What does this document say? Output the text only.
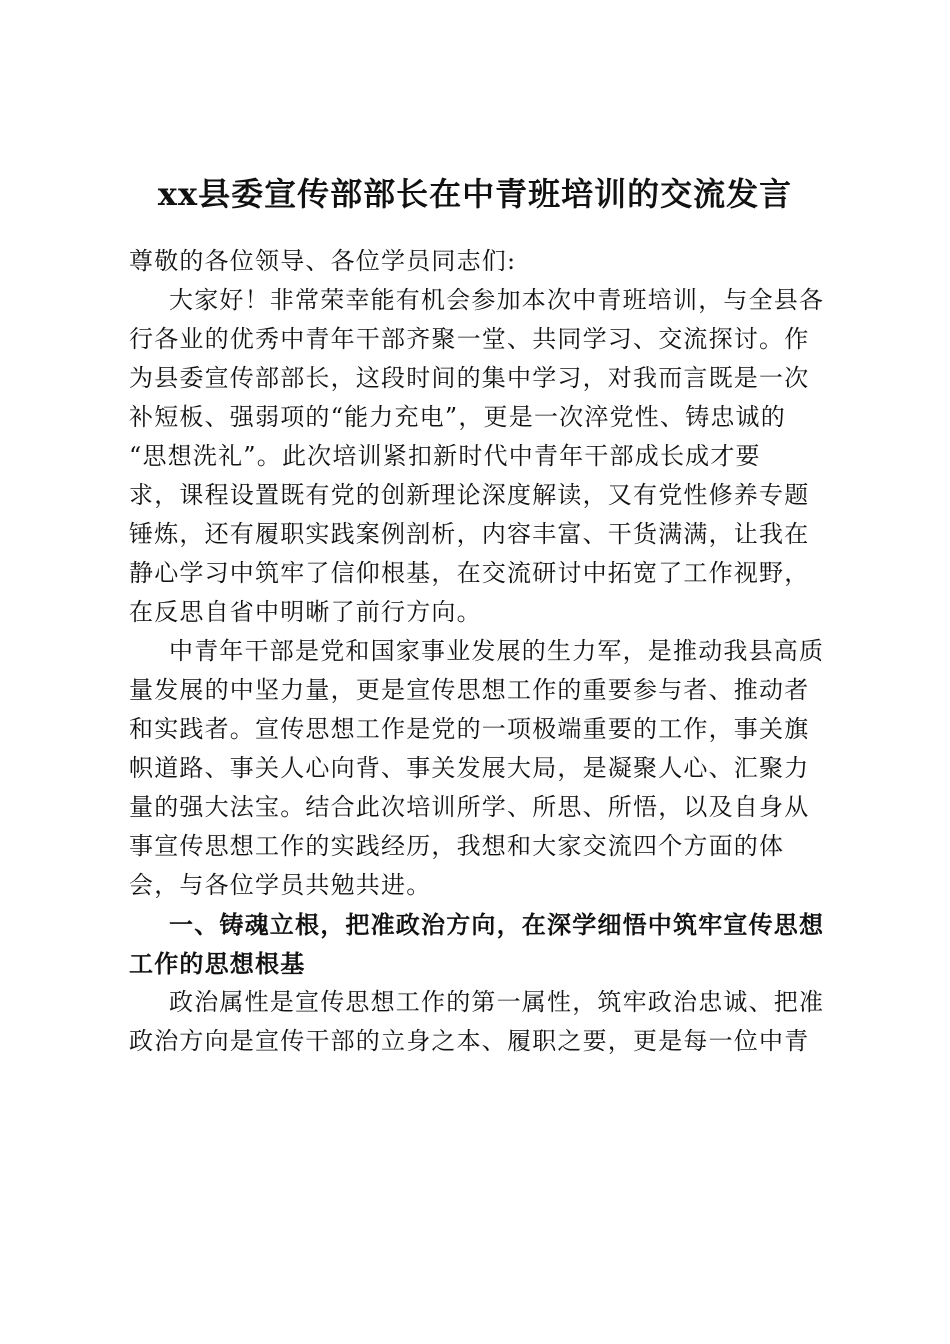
xx县委宣传部部长在中青班培训的交流发言
尊敬的各位领导、各位学员同志们:
大家好！非常荣幸能有机会参加本次中青班培训，与全县各
行各业的优秀中青年干部齐聚一堂、共同学习、交流探讨。作
为县委宣传部部长，这段时间的集中学习，对我而言既是一次
补短板、强弱项的“能力充电”，更是一次淬党性、铸忠诚的
“思想洗礼”。此次培训紧扣新时代中青年干部成长成才要
求，课程设置既有党的创新理论深度解读，又有党性修养专题
锤炼，还有履职实践案例剖析，内容丰富、干货满满，让我在
静心学习中筑牢了信仰根基，在交流研讨中拓宽了工作视野，
在反思自省中明晰了前行方向。
中青年干部是党和国家事业发展的生力军，是推动我县高质
量发展的中坚力量，更是宣传思想工作的重要参与者、推动者
和实践者。宣传思想工作是党的一项极端重要的工作，事关旗
帜道路、事关人心向背、事关发展大局，是凝聚人心、汇聚力
量的强大法宝。结合此次培训所学、所思、所悟，以及自身从
事宣传思想工作的实践经历，我想和大家交流四个方面的体
会，与各位学员共勉共进。
一、铸魂立根，把准政治方向，在深学细悟中筑牢宣传思想
工作的思想根基
政治属性是宣传思想工作的第一属性，筑牢政治忠诚、把准
政治方向是宣传干部的立身之本、履职之要，更是每一位中青
